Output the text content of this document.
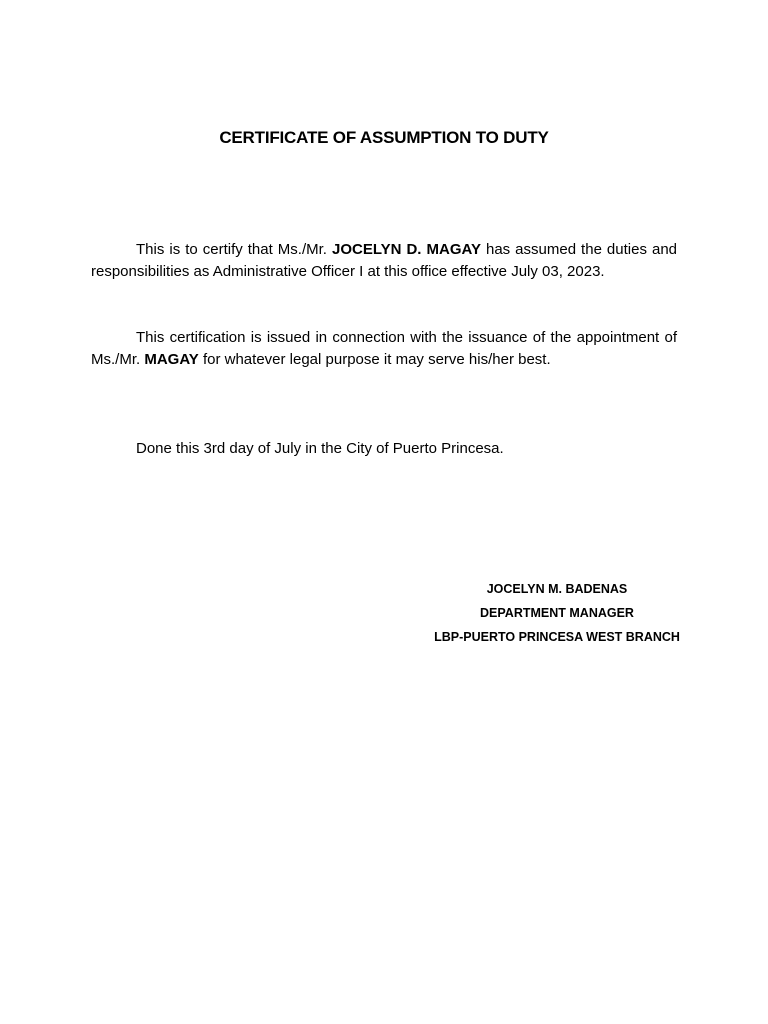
CERTIFICATE OF ASSUMPTION TO DUTY
This is to certify that Ms./Mr. JOCELYN D. MAGAY has assumed the duties and responsibilities as Administrative Officer I at this office effective July 03, 2023.
This certification is issued in connection with the issuance of the appointment of Ms./Mr. MAGAY for whatever legal purpose it may serve his/her best.
Done this 3rd day of July in the City of Puerto Princesa.
JOCELYN M. BADENAS
DEPARTMENT MANAGER
LBP-PUERTO PRINCESA WEST BRANCH
